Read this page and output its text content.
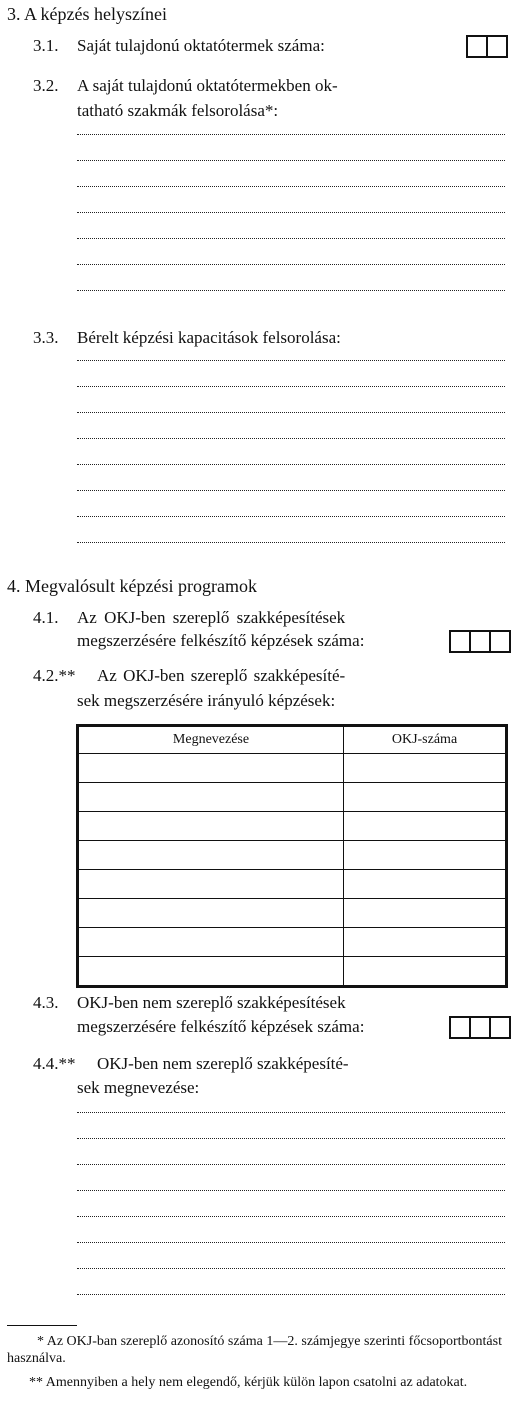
3. A képzés helyszínei
3.1. Saját tulajdonú oktatótermek száma:
3.2. A saját tulajdonú oktatótermekben ok-
tatható szakmák felsorolása*:
3.3. Bérelt képzési kapacitások felsorolása:
4. Megvalósult képzési programok
4.1. Az OKJ-ben szereplő szakképesítések
megszerzésére felkészítő képzések száma:
4.2.** Az OKJ-ben szereplő szakképesíté-
sek megszerzésére irányuló képzések:
Megnevezése	OKJ-száma

4.3. OKJ-ben nem szereplő szakképesítések
megszerzésére felkészítő képzések száma:
4.4.** OKJ-ben nem szereplő szakképesíté-
sek megnevezése:
* Az OKJ-ban szereplő azonosító száma 1—2. számjegye szerinti főcsoportbontást használva.
** Amennyiben a hely nem elegendő, kérjük külön lapon csatolni az adatokat.
